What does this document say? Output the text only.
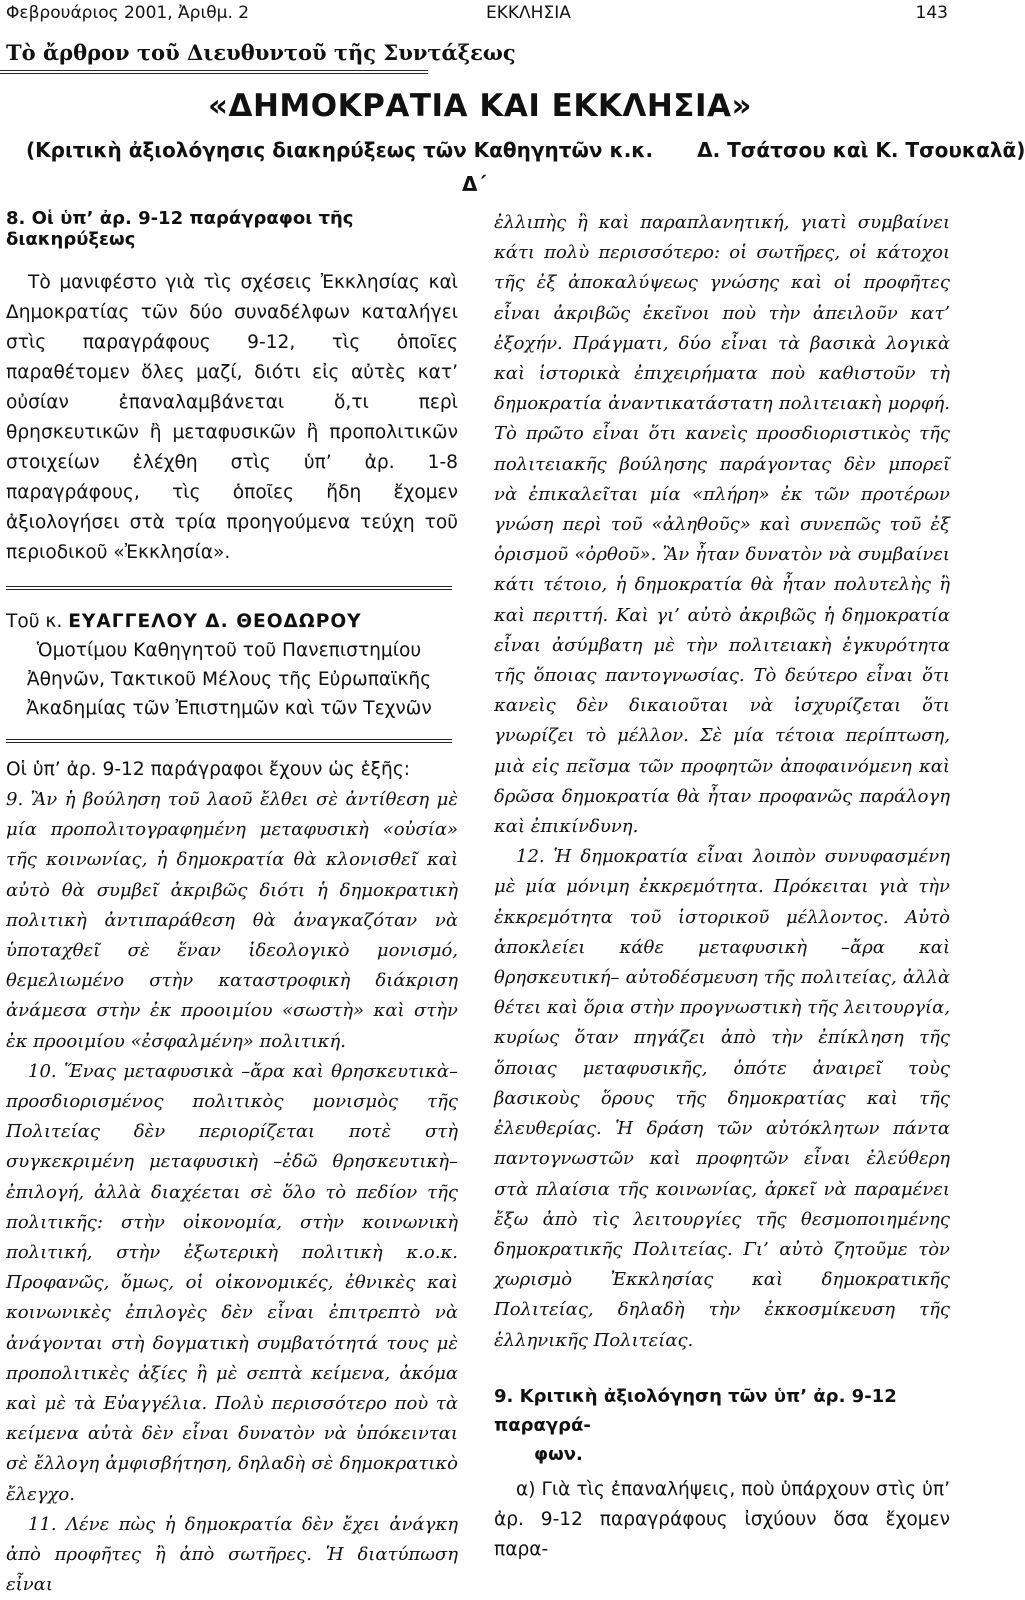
Φεβρουάριος 2001, Ἀριθμ. 2	ΕΚΚΛΗΣΙΑ	143
Τὸ ἄρθρον τοῦ Διευθυντοῦ τῆς Συντάξεως
«ΔΗΜΟΚΡΑΤΙΑ ΚΑΙ ΕΚΚΛΗΣΙΑ»
(Κριτικὴ ἀξιολόγησις διακηρύξεως τῶν Καθηγητῶν κ.κ. Δ. Τσάτσου καὶ Κ. Τσουκαλᾶ)
Δ΄
8. Οἱ ὑπ’ ἀρ. 9-12 παράγραφοι τῆς διακηρύξεως

Τὸ μανιφέστο γιὰ τὶς σχέσεις Ἐκκλησίας καὶ Δημοκρατίας τῶν δύο συναδέλφων καταλήγει στὶς παραγράφους 9-12, τὶς ὁποῖες παραθέτομεν ὅλες μαζί, διότι εἰς αὐτὲς κατ’ οὐσίαν ἐπαναλαμβάνεται ὅ,τι περὶ θρησκευτικῶν ἢ μεταφυσικῶν ἢ προπολιτικῶν στοιχείων ἐλέχθη στὶς ὑπ’ ἀρ. 1-8 παραγράφους, τὶς ὁποῖες ἤδη ἔχομεν ἀξιολογήσει στὰ τρία προηγούμενα τεύχη τοῦ περιοδικοῦ «Ἐκκλησία».

Τοῦ κ. ΕΥΑΓΓΕΛΟΥ Δ. ΘΕΟΔΩΡΟΥ
Ὁμοτίμου Καθηγητοῦ τοῦ Πανεπιστημίου Ἀθηνῶν, Τακτικοῦ Μέλους τῆς Εὐρωπαϊκῆς Ἀκαδημίας τῶν Ἐπιστημῶν καὶ τῶν Τεχνῶν

Οἱ ὑπ’ ἀρ. 9-12 παράγραφοι ἔχουν ὡς ἑξῆς:

9. Ἂν ἡ βούληση τοῦ λαοῦ ἔλθει σὲ ἀντίθεση μὲ μία προπολιτογραφημένη μεταφυσικὴ «οὐσία» τῆς κοινωνίας, ἡ δημοκρατία θὰ κλονισθεῖ καὶ αὐτὸ θὰ συμβεῖ ἀκριβῶς διότι ἡ δημοκρατικὴ πολιτικὴ ἀντιπαράθεση θὰ ἀναγκαζόταν νὰ ὑποταχθεῖ σὲ ἕναν ἰδεολογικὸ μονισμό, θεμελιωμένο στὴν καταστροφικὴ διάκριση ἀνάμεσα στὴν ἐκ προοιμίου «σωστὴ» καὶ στὴν ἐκ προοιμίου «ἐσφαλμένη» πολιτική.

10. Ἕνας μεταφυσικὰ –ἄρα καὶ θρησκευτικὰ– προσδιορισμένος πολιτικὸς μονισμὸς τῆς Πολιτείας δὲν περιορίζεται ποτὲ στὴ συγκεκριμένη μεταφυσικὴ –ἐδῶ θρησκευτικὴ– ἐπιλογή, ἀλλὰ διαχέεται σὲ ὅλο τὸ πεδίον τῆς πολιτικῆς: στὴν οἰκονομία, στὴν κοινωνικὴ πολιτική, στὴν ἐξωτερικὴ πολιτικὴ κ.ο.κ. Προφανῶς, ὅμως, οἱ οἰκονομικές, ἐθνικὲς καὶ κοινωνικὲς ἐπιλογὲς δὲν εἶναι ἐπιτρεπτὸ νὰ ἀνάγονται στὴ δογματικὴ συμβατότητά τους μὲ προπολιτικὲς ἀξίες ἢ μὲ σεπτὰ κείμενα, ἀκόμα καὶ μὲ τὰ Εὐαγγέλια. Πολὺ περισσότερο ποὺ τὰ κείμενα αὐτὰ δὲν εἶναι δυνατὸν νὰ ὑπόκεινται σὲ ἔλλογη ἀμφισβήτηση, δηλαδὴ σὲ δημοκρατικὸ ἔλεγχο.

11. Λένε πὼς ἡ δημοκρατία δὲν ἔχει ἀνάγκη ἀπὸ προφῆτες ἢ ἀπὸ σωτῆρες. Ἡ διατύπωση εἶναι

ἐλλιπὴς ἢ καὶ παραπλανητική, γιατὶ συμβαίνει κάτι πολὺ περισσότερο: οἱ σωτῆρες, οἱ κάτοχοι τῆς ἐξ ἀποκαλύψεως γνώσης καὶ οἱ προφῆτες εἶναι ἀκριβῶς ἐκεῖνοι ποὺ τὴν ἀπειλοῦν κατ’ ἐξοχήν. Πράγματι, δύο εἶναι τὰ βασικὰ λογικὰ καὶ ἱστορικὰ ἐπιχειρήματα ποὺ καθιστοῦν τὴ δημοκρατία ἀναντικατάστατη πολιτειακὴ μορφή. Τὸ πρῶτο εἶναι ὅτι κανεὶς προσδιοριστικὸς τῆς πολιτειακῆς βούλησης παράγοντας δὲν μπορεῖ νὰ ἐπικαλεῖται μία «πλήρη» ἐκ τῶν προτέρων γνώση περὶ τοῦ «ἀληθοῦς» καὶ συνεπῶς τοῦ ἐξ ὁρισμοῦ «ὀρθοῦ». Ἂν ἦταν δυνατὸν νὰ συμβαίνει κάτι τέτοιο, ἡ δημοκρατία θὰ ἦταν πολυτελὴς ἢ καὶ περιττή. Καὶ γι’ αὐτὸ ἀκριβῶς ἡ δημοκρατία εἶναι ἀσύμβατη μὲ τὴν πολιτειακὴ ἐγκυρότητα τῆς ὅποιας παντογνωσίας. Τὸ δεύτερο εἶναι ὅτι κανεὶς δὲν δικαιοῦται νὰ ἰσχυρίζεται ὅτι γνωρίζει τὸ μέλλον. Σὲ μία τέτοια περίπτωση, μιὰ εἰς πεῖσμα τῶν προφητῶν ἀποφαινόμενη καὶ δρῶσα δημοκρατία θὰ ἦταν προφανῶς παράλογη καὶ ἐπικίνδυνη.

12. Ἡ δημοκρατία εἶναι λοιπὸν συνυφασμένη μὲ μία μόνιμη ἐκκρεμότητα. Πρόκειται γιὰ τὴν ἐκκρεμότητα τοῦ ἱστορικοῦ μέλλοντος. Αὐτὸ ἀποκλείει κάθε μεταφυσικὴ –ἄρα καὶ θρησκευτική– αὐτοδέσμευση τῆς πολιτείας, ἀλλὰ θέτει καὶ ὅρια στὴν προγνωστικὴ τῆς λειτουργία, κυρίως ὅταν πηγάζει ἀπὸ τὴν ἐπίκληση τῆς ὅποιας μεταφυσικῆς, ὁπότε ἀναιρεῖ τοὺς βασικοὺς ὅρους τῆς δημοκρατίας καὶ τῆς ἐλευθερίας. Ἡ δράση τῶν αὐτόκλητων πάντα παντογνωστῶν καὶ προφητῶν εἶναι ἐλεύθερη στὰ πλαίσια τῆς κοινωνίας, ἀρκεῖ νὰ παραμένει ἔξω ἀπὸ τὶς λειτουργίες τῆς θεσμοποιημένης δημοκρατικῆς Πολιτείας. Γι’ αὐτὸ ζητοῦμε τὸν χωρισμὸ Ἐκκλησίας καὶ δημοκρατικῆς Πολιτείας, δηλαδὴ τὴν ἐκκοσμίκευση τῆς ἑλληνικῆς Πολιτείας.

9. Κριτικὴ ἀξιολόγηση τῶν ὑπ’ ἀρ. 9-12 παραγρά-
φων.

α) Γιὰ τὶς ἐπαναλήψεις, ποὺ ὑπάρχουν στὶς ὑπ’ ἀρ. 9-12 παραγράφους ἰσχύουν ὅσα ἔχομεν παρα-
